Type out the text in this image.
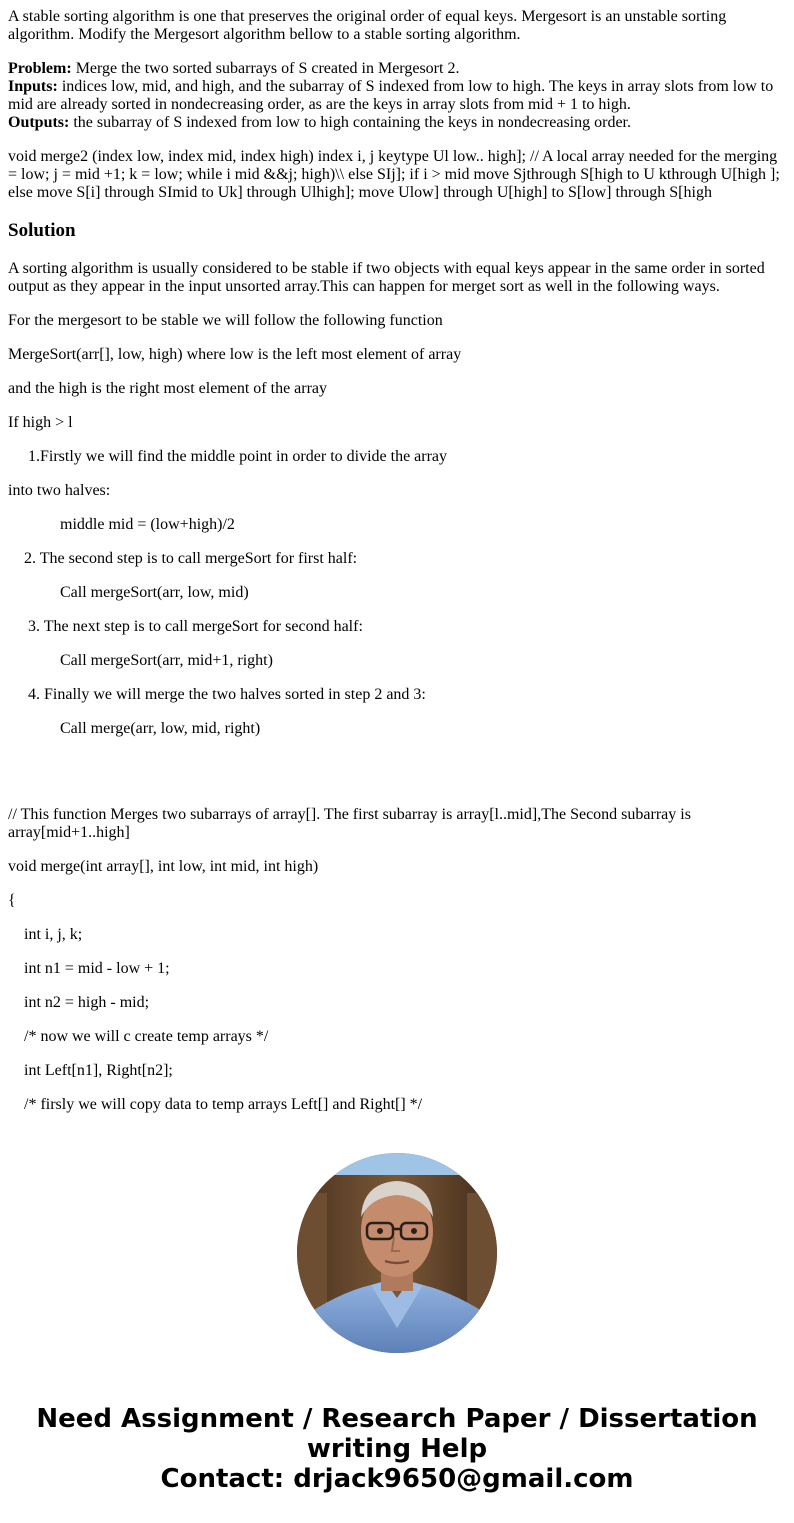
A stable sorting algorithm is one that preserves the original order of equal keys. Mergesort is an unstable sorting algorithm. Modify the Mergesort algorithm bellow to a stable sorting algorithm.

Problem: Merge the two sorted subarrays of S created in Mergesort 2.

Inputs: indices low, mid, and high, and the subarray of S indexed from low to high. The keys in array slots from low to mid are already sorted in nondecreasing order, as are the keys in array slots from mid + 1 to high.

Outputs: the subarray of S indexed from low to high containing the keys in nondecreasing order.

void merge2 (index low, index mid, index high) index i, j keytype Ul low.. high]; // A local array needed for the merging = low; j = mid +1; k = low; while i mid &&j; high)\\ else SIj]; if i > mid move Sjthrough S[high to U kthrough U[high ]; else move S[i] through SImid to Uk] through Ulhigh]; move Ulow] through U[high] to S[low] through S[high

Solution

A sorting algorithm is usually considered to be stable if two objects with equal keys appear in the same order in sorted output as they appear in the input unsorted array.This can happen for merget sort as well in the following ways.

For the mergesort to be stable we will follow the following function

MergeSort(arr[], low, high) where low is the left most element of array

and the high is the right most element of the array

If high > l

1.Firstly we will find the middle point in order to divide the array

into two halves:

middle mid = (low+high)/2

2. The second step is to call mergeSort for first half:

Call mergeSort(arr, low, mid)

3. The next step is to call mergeSort for second half:

Call mergeSort(arr, mid+1, right)

4. Finally we will merge the two halves sorted in step 2 and 3:

Call merge(arr, low, mid, right)

// This function Merges two subarrays of array[]. The first subarray is array[l..mid],The Second subarray is array[mid+1..high]

void merge(int array[], int low, int mid, int high)

{

int i, j, k;

int n1 = mid - low + 1;

int n2 = high - mid;

/* now we will c create temp arrays */

int Left[n1], Right[n2];

/* firsly we will copy data to temp arrays Left[] and Right[] */

Need Assignment / Research Paper / Dissertation
writing Help
Contact: drjack9650@gmail.com
